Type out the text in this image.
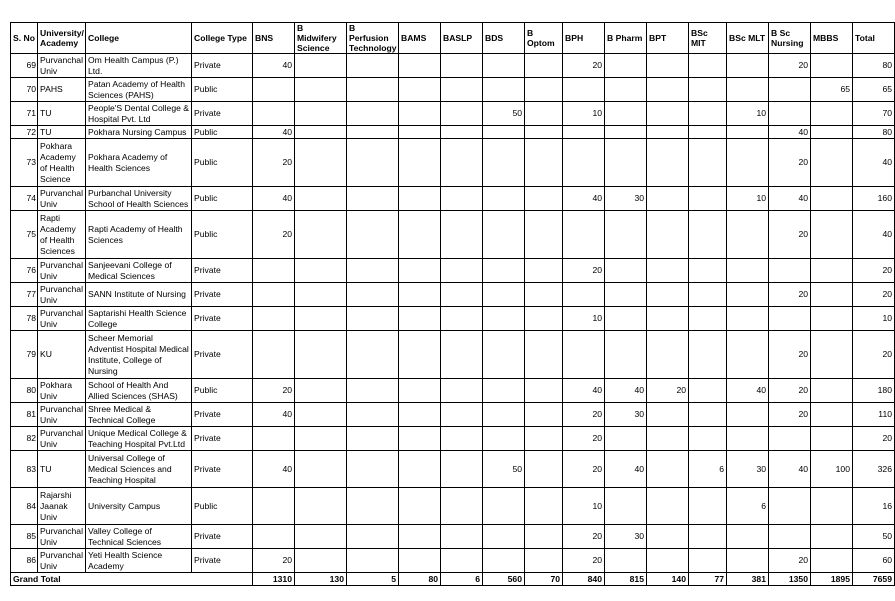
S. No	University/ Academy	College	College Type	BNS	B Midwifery Science	B Perfusion Technology	BAMS	BASLP	BDS	B Optom	BPH	B Pharm	BPT	BSc MIT	BSc MLT	B Sc Nursing	MBBS	Total
69	Purvanchal Univ	Om Health Campus (P.) Ltd.	Private	40							20					20		80
70	PAHS	Patan Academy of Health Sciences (PAHS)	Public														65	65
71	TU	People'S Dental College & Hospital Pvt. Ltd	Private						50		10				10			70
72	TU	Pokhara Nursing Campus	Public	40												40		80
73	Pokhara Academy of Health Science	Pokhara Academy of Health Sciences	Public	20												20		40
74	Purvanchal Univ	Purbanchal University School of Health Sciences	Public	40							40	30			10	40		160
75	Rapti Academy of Health Sciences	Rapti Academy of Health Sciences	Public	20												20		40
76	Purvanchal Univ	Sanjeevani College of Medical Sciences	Private								20							20
77	Purvanchal Univ	SANN Institute of Nursing	Private													20		20
78	Purvanchal Univ	Saptarishi Health Science College	Private								10							10
79	KU	Scheer Memorial Adventist Hospital Medical Institute, College of Nursing	Private													20		20
80	Pokhara Univ	School of Health And Allied Sciences (SHAS)	Public	20							40	40	20		40	20		180
81	Purvanchal Univ	Shree Medical & Technical College	Private	40							20	30				20		110
82	Purvanchal Univ	Unique Medical College & Teaching Hospital Pvt.Ltd	Private								20							20
83	TU	Universal College of Medical Sciences and Teaching Hospital	Private	40					50		20	40		6	30	40	100	326
84	Rajarshi Jaanak Univ	University Campus	Public								10				6			16
85	Purvanchal Univ	Valley College of Technical Sciences	Private								20	30						50
86	Purvanchal Univ	Yeti Health Science Academy	Private	20							20					20		60
Grand Total				1310	130	5	80	6	560	70	840	815	140	77	381	1350	1895	7659
